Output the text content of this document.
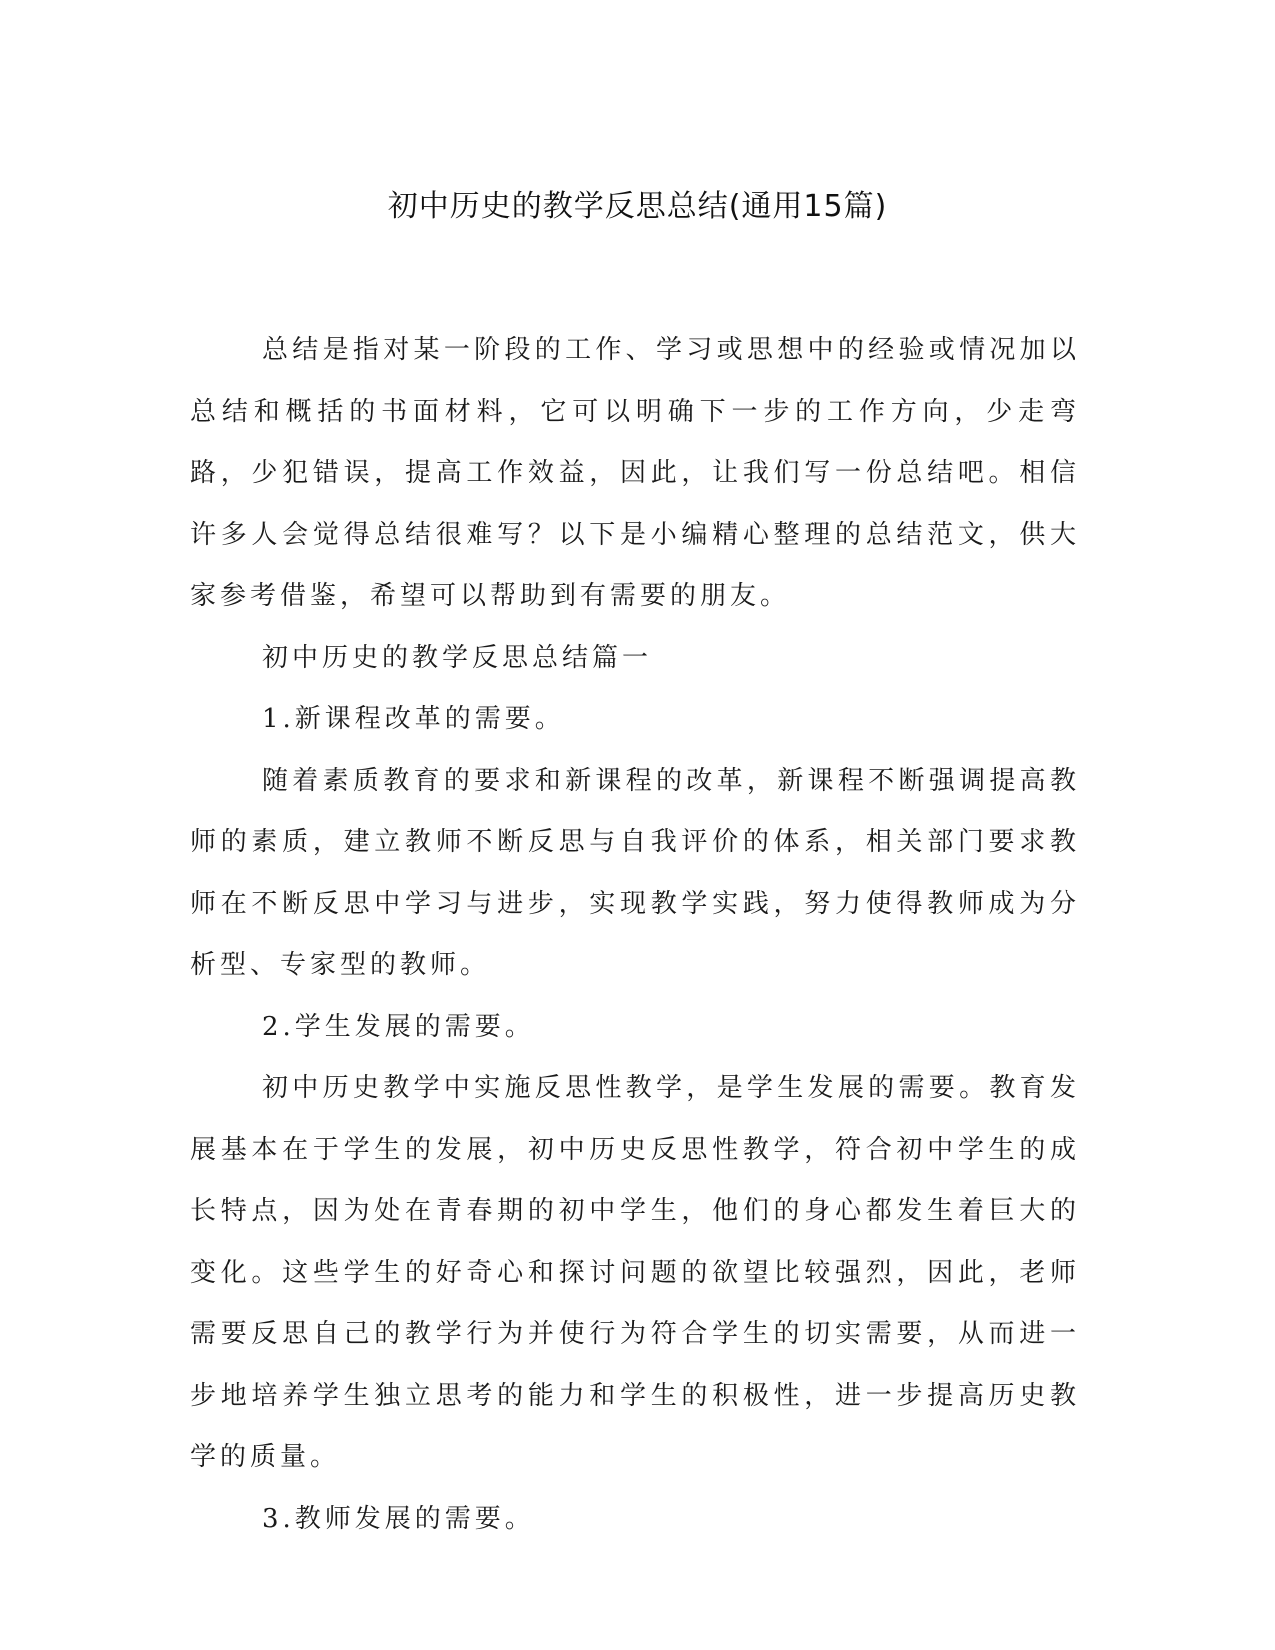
初中历史的教学反思总结(通用15篇)

总结是指对某一阶段的工作、学习或思想中的经验或情况加以总结和概括的书面材料，它可以明确下一步的工作方向，少走弯路，少犯错误，提高工作效益，因此，让我们写一份总结吧。相信许多人会觉得总结很难写？以下是小编精心整理的总结范文，供大家参考借鉴，希望可以帮助到有需要的朋友。

初中历史的教学反思总结篇一

1.新课程改革的需要。

随着素质教育的要求和新课程的改革，新课程不断强调提高教师的素质，建立教师不断反思与自我评价的体系，相关部门要求教师在不断反思中学习与进步，实现教学实践，努力使得教师成为分析型、专家型的教师。

2.学生发展的需要。

初中历史教学中实施反思性教学，是学生发展的需要。教育发展基本在于学生的发展，初中历史反思性教学，符合初中学生的成长特点，因为处在青春期的初中学生，他们的身心都发生着巨大的变化。这些学生的好奇心和探讨问题的欲望比较强烈，因此，老师需要反思自己的教学行为并使行为符合学生的切实需要，从而进一步地培养学生独立思考的能力和学生的积极性，进一步提高历史教学的质量。

3.教师发展的需要。
